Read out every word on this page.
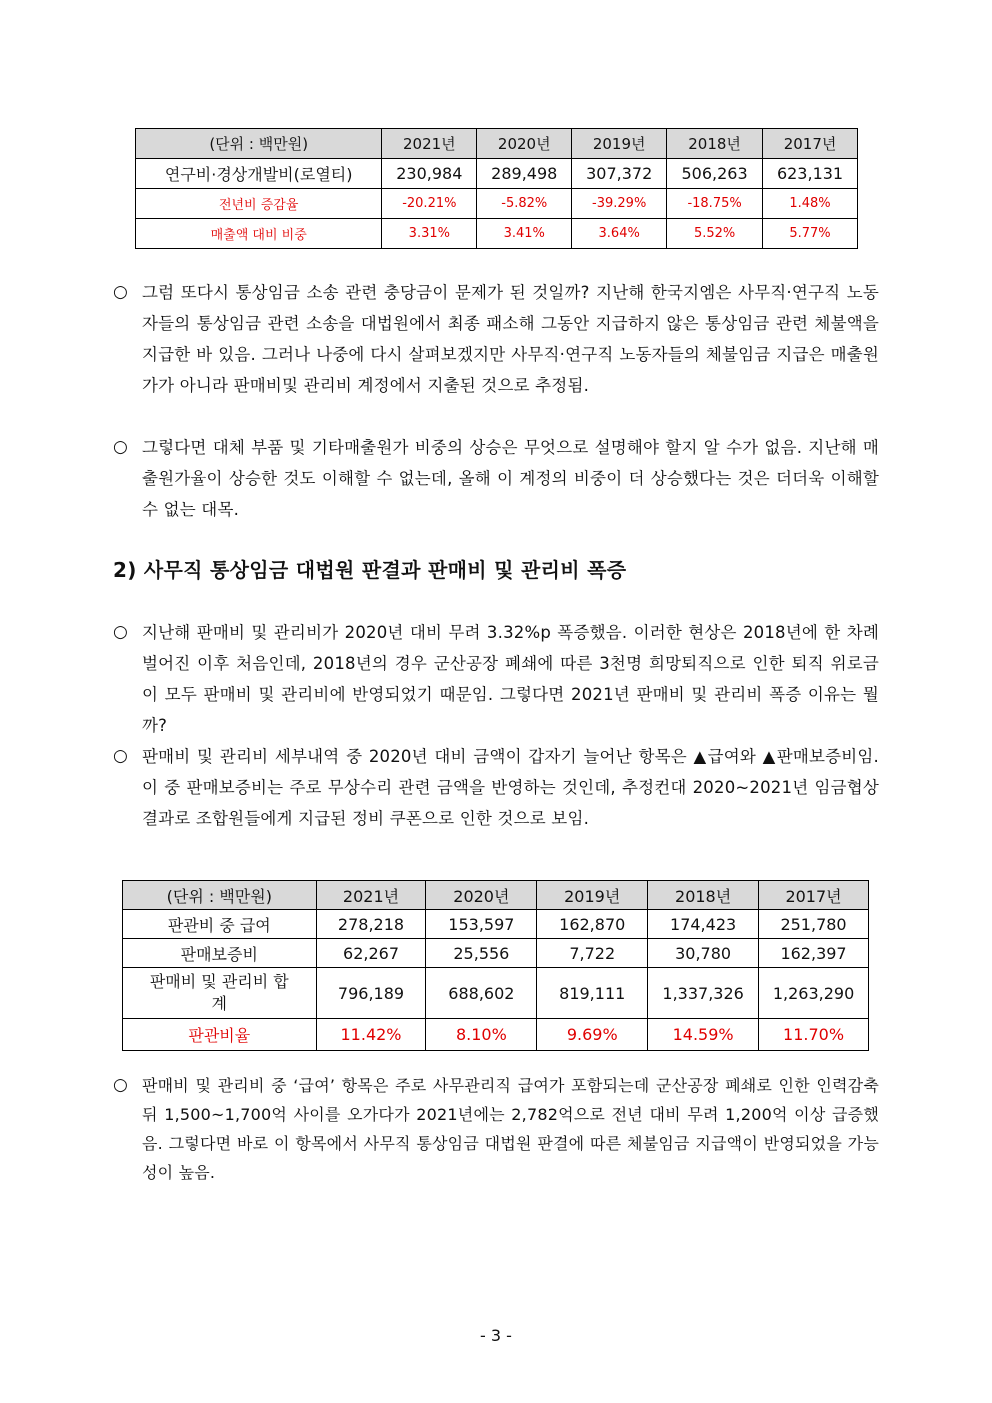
(단위 : 백만원)	2021년	2020년	2019년	2018년	2017년
연구비·경상개발비(로열티)	230,984	289,498	307,372	506,263	623,131
전년비 증감율	-20.21%	-5.82%	-39.29%	-18.75%	1.48%
매출액 대비 비중	3.31%	3.41%	3.64%	5.52%	5.77%
○ 그럼 또다시 통상임금 소송 관련 충당금이 문제가 된 것일까? 지난해 한국지엠은 사무직·연구직 노동자들의 통상임금 관련 소송을 대법원에서 최종 패소해 그동안 지급하지 않은 통상임금 관련 체불액을 지급한 바 있음. 그러나 나중에 다시 살펴보겠지만 사무직·연구직 노동자들의 체불임금 지급은 매출원가가 아니라 판매비및 관리비 계정에서 지출된 것으로 추정됨.
○ 그렇다면 대체 부품 및 기타매출원가 비중의 상승은 무엇으로 설명해야 할지 알 수가 없음. 지난해 매출원가율이 상승한 것도 이해할 수 없는데, 올해 이 계정의 비중이 더 상승했다는 것은 더더욱 이해할 수 없는 대목.
2) 사무직 통상임금 대법원 판결과 판매비 및 관리비 폭증
○ 지난해 판매비 및 관리비가 2020년 대비 무려 3.32%p 폭증했음. 이러한 현상은 2018년에 한 차례 벌어진 이후 처음인데, 2018년의 경우 군산공장 폐쇄에 따른 3천명 희망퇴직으로 인한 퇴직 위로금이 모두 판매비 및 관리비에 반영되었기 때문임. 그렇다면 2021년 판매비 및 관리비 폭증 이유는 뭘까?
○ 판매비 및 관리비 세부내역 중 2020년 대비 금액이 갑자기 늘어난 항목은 ▲급여와 ▲판매보증비임. 이 중 판매보증비는 주로 무상수리 관련 금액을 반영하는 것인데, 추정컨대 2020~2021년 임금협상 결과로 조합원들에게 지급된 정비 쿠폰으로 인한 것으로 보임.
(단위 : 백만원)	2021년	2020년	2019년	2018년	2017년
판관비 중 급여	278,218	153,597	162,870	174,423	251,780
판매보증비	62,267	25,556	7,722	30,780	162,397
판매비 및 관리비 합계	796,189	688,602	819,111	1,337,326	1,263,290
판관비율	11.42%	8.10%	9.69%	14.59%	11.70%
○ 판매비 및 관리비 중 ‘급여’ 항목은 주로 사무관리직 급여가 포함되는데 군산공장 폐쇄로 인한 인력감축 뒤 1,500~1,700억 사이를 오가다가 2021년에는 2,782억으로 전년 대비 무려 1,200억 이상 급증했음. 그렇다면 바로 이 항목에서 사무직 통상임금 대법원 판결에 따른 체불임금 지급액이 반영되었을 가능성이 높음.
- 3 -
